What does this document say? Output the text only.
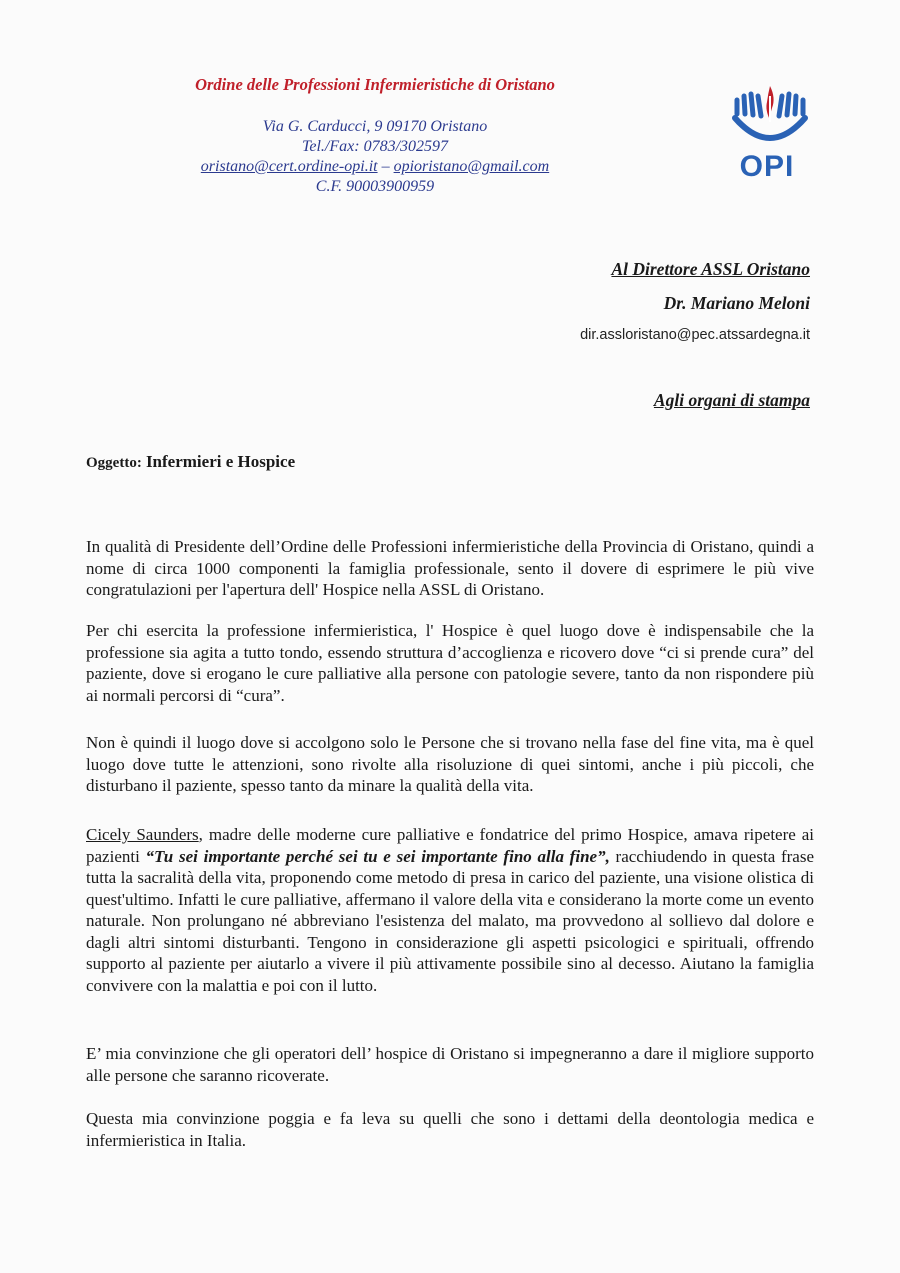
Ordine delle Professioni Infermieristiche di Oristano
Via G. Carducci, 9 09170 Oristano
Tel./Fax: 0783/302597
oristano@cert.ordine-opi.it – opioristano@gmail.com
C.F. 90003900959
OPI
Al Direttore ASSL Oristano
Dr. Mariano Meloni
dir.assloristano@pec.atssardegna.it
Agli organi di stampa
Oggetto: Infermieri e Hospice
In qualità di Presidente dell’Ordine delle Professioni infermieristiche della Provincia di Oristano, quindi a nome di circa 1000 componenti la famiglia professionale, sento il dovere di esprimere le più vive congratulazioni per l'apertura dell' Hospice nella ASSL di Oristano.
Per chi esercita la professione infermieristica, l' Hospice è quel luogo dove è indispensabile che la professione sia agita a tutto tondo, essendo struttura d’accoglienza e ricovero dove “ci si prende cura” del paziente, dove si erogano le cure palliative alla persone con patologie severe, tanto da non rispondere più ai normali percorsi di “cura”.
Non è quindi il luogo dove si accolgono solo le Persone che si trovano nella fase del fine vita, ma è quel luogo dove tutte le attenzioni, sono rivolte alla risoluzione di quei sintomi, anche i più piccoli, che disturbano il paziente, spesso tanto da minare la qualità della vita.
Cicely Saunders, madre delle moderne cure palliative e fondatrice del primo Hospice, amava ripetere ai pazienti “Tu sei importante perché sei tu e sei importante fino alla fine”, racchiudendo in questa frase tutta la sacralità della vita, proponendo come metodo di presa in carico del paziente, una visione olistica di quest'ultimo. Infatti le cure palliative, affermano il valore della vita e considerano la morte come un evento naturale. Non prolungano né abbreviano l'esistenza del malato, ma provvedono al sollievo dal dolore e dagli altri sintomi disturbanti. Tengono in considerazione gli aspetti psicologici e spirituali, offrendo supporto al paziente per aiutarlo a vivere il più attivamente possibile sino al decesso. Aiutano la famiglia convivere con la malattia e poi con il lutto.
E’ mia convinzione che gli operatori dell’ hospice di Oristano si impegneranno a dare il migliore supporto alle persone che saranno ricoverate.
Questa mia convinzione poggia e fa leva su quelli che sono i dettami della deontologia medica e infermieristica in Italia.
